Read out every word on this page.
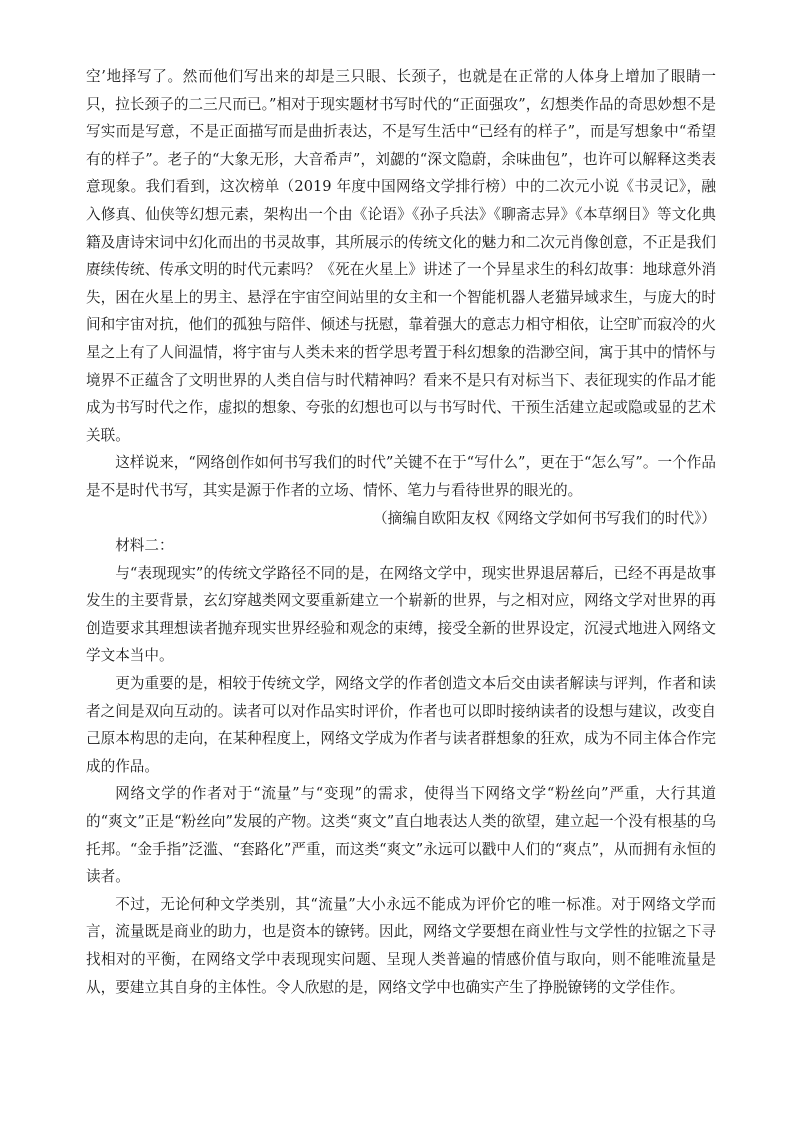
空’地择写了。然而他们写出来的却是三只眼、长颈子，也就是在正常的人体身上增加了眼睛一只，拉长颈子的二三尺而已。”相对于现实题材书写时代的“正面强攻”，幻想类作品的奇思妙想不是写实而是写意，不是正面描写而是曲折表达，不是写生活中“已经有的样子”，而是写想象中“希望有的样子”。老子的“大象无形，大音希声”，刘勰的“深文隐蔚，余味曲包”，也许可以解释这类表意现象。我们看到，这次榜单（2019 年度中国网络文学排行榜）中的二次元小说《书灵记》，融入修真、仙侠等幻想元素，架构出一个由《论语》《孙子兵法》《聊斋志异》《本草纲目》等文化典籍及唐诗宋词中幻化而出的书灵故事，其所展示的传统文化的魅力和二次元肖像创意，不正是我们赓续传统、传承文明的时代元素吗？《死在火星上》讲述了一个异星求生的科幻故事：地球意外消失，困在火星上的男主、悬浮在宇宙空间站里的女主和一个智能机器人老猫异域求生，与庞大的时间和宇宙对抗，他们的孤独与陪伴、倾述与抚慰，靠着强大的意志力相守相依，让空旷而寂冷的火星之上有了人间温情，将宇宙与人类未来的哲学思考置于科幻想象的浩渺空间，寓于其中的情怀与境界不正蕴含了文明世界的人类自信与时代精神吗？看来不是只有对标当下、表征现实的作品才能成为书写时代之作，虚拟的想象、夸张的幻想也可以与书写时代、干预生活建立起或隐或显的艺术关联。

这样说来，“网络创作如何书写我们的时代”关键不在于“写什么”，更在于“怎么写”。一个作品是不是时代书写，其实是源于作者的立场、情怀、笔力与看待世界的眼光的。

（摘编自欧阳友权《网络文学如何书写我们的时代》）

材料二：

与“表现现实”的传统文学路径不同的是，在网络文学中，现实世界退居幕后，已经不再是故事发生的主要背景，玄幻穿越类网文要重新建立一个崭新的世界，与之相对应，网络文学对世界的再创造要求其理想读者抛弃现实世界经验和观念的束缚，接受全新的世界设定，沉浸式地进入网络文学文本当中。

更为重要的是，相较于传统文学，网络文学的作者创造文本后交由读者解读与评判，作者和读者之间是双向互动的。读者可以对作品实时评价，作者也可以即时接纳读者的设想与建议，改变自己原本构思的走向，在某种程度上，网络文学成为作者与读者群想象的狂欢，成为不同主体合作完成的作品。

网络文学的作者对于“流量”与“变现”的需求，使得当下网络文学“粉丝向”严重，大行其道的“爽文”正是“粉丝向”发展的产物。这类“爽文”直白地表达人类的欲望，建立起一个没有根基的乌托邦。“金手指”泛滥、“套路化”严重，而这类“爽文”永远可以戳中人们的“爽点”，从而拥有永恒的读者。

不过，无论何种文学类别，其“流量”大小永远不能成为评价它的唯一标准。对于网络文学而言，流量既是商业的助力，也是资本的镣铐。因此，网络文学要想在商业性与文学性的拉锯之下寻找相对的平衡，在网络文学中表现现实问题、呈现人类普遍的情感价值与取向，则不能唯流量是从，要建立其自身的主体性。令人欣慰的是，网络文学中也确实产生了挣脱镣铐的文学佳作。
